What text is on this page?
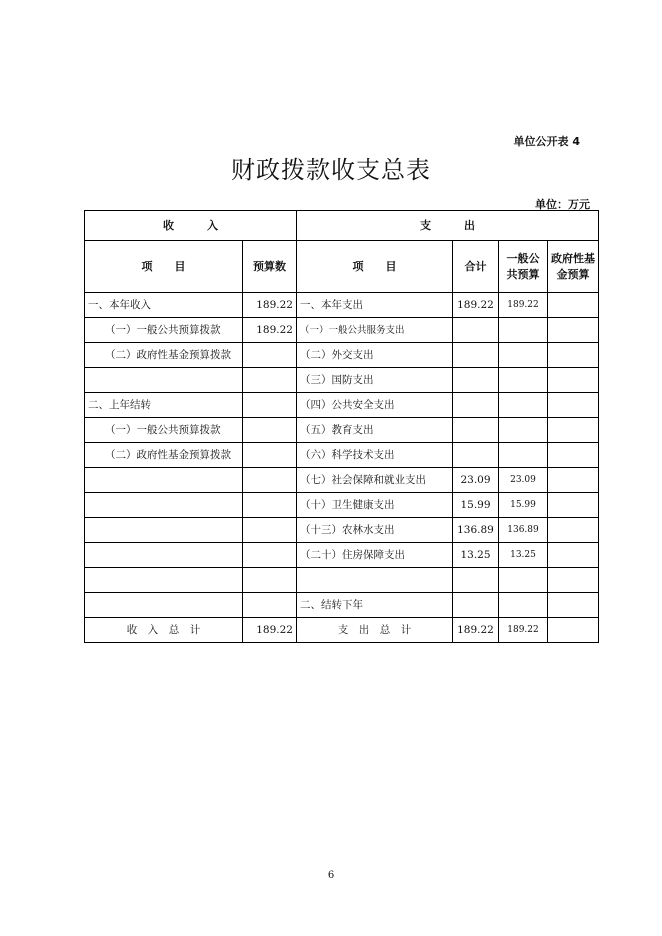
单位公开表 4
财政拨款收支总表
单位：万元
收　　　入		支　　　出			
项　　目	预算数	项　　目	合计	一般公共预算	政府性基金预算
一、本年收入	189.22	一、本年支出	189.22	189.22	
（一）一般公共预算拨款	189.22	（一）一般公共服务支出			
（二）政府性基金预算拨款		（二）外交支出			
		（三）国防支出			
二、上年结转		（四）公共安全支出			
（一）一般公共预算拨款		（五）教育支出			
（二）政府性基金预算拨款		（六）科学技术支出			
		（七）社会保障和就业支出	23.09	23.09	
		（十）卫生健康支出	15.99	15.99	
		（十三）农林水支出	136.89	136.89	
		（二十）住房保障支出	13.25	13.25	

		二、结转下年			
收　入　总　计	189.22	支　出　总　计	189.22	189.22	
6
